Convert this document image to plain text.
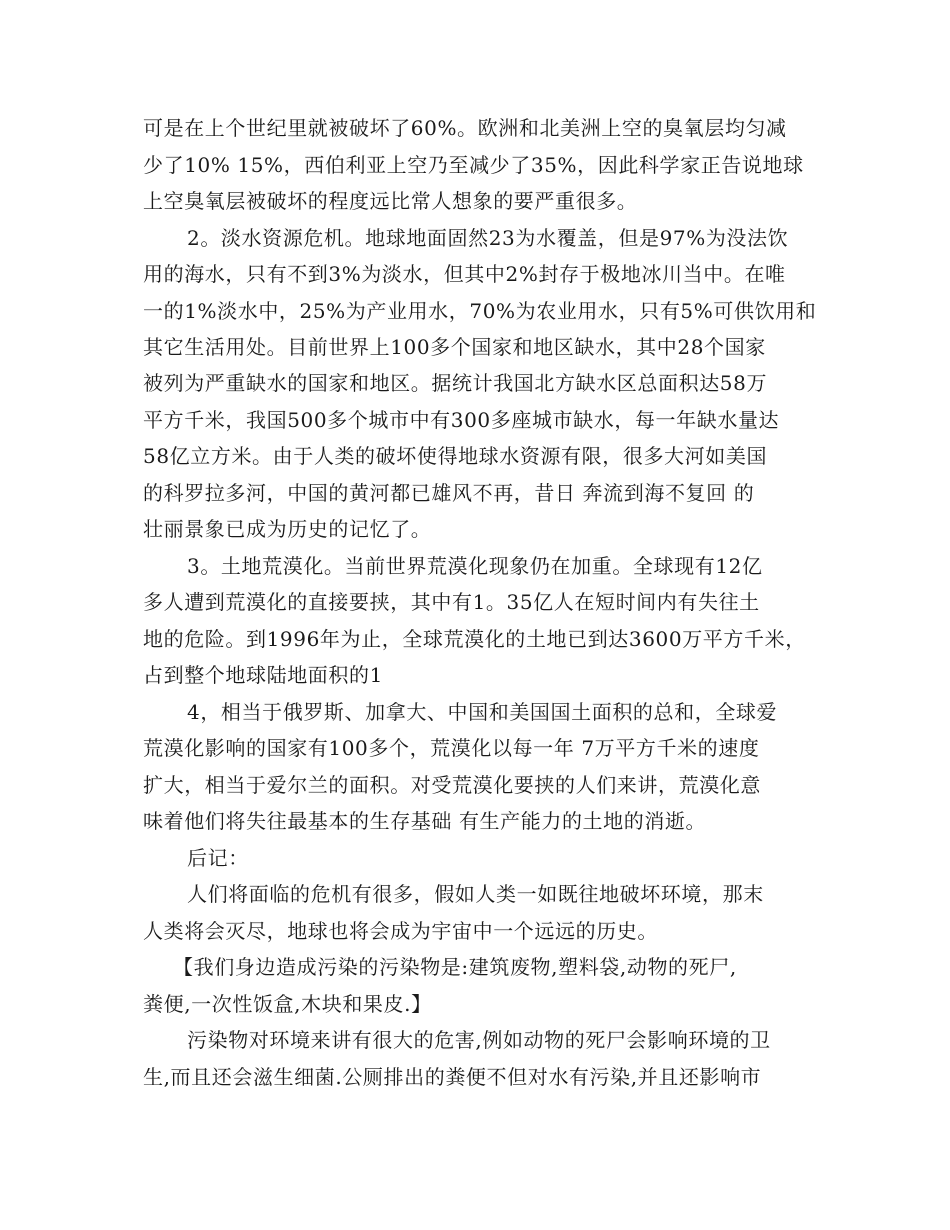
可是在上个世纪里就被破坏了60%。欧洲和北美洲上空的臭氧层均匀减
少了10% 15%，西伯利亚上空乃至减少了35%，因此科学家正告说地球
上空臭氧层被破坏的程度远比常人想象的要严重很多。
2。淡水资源危机。地球地面固然23为水覆盖，但是97%为没法饮
用的海水，只有不到3%为淡水，但其中2%封存于极地冰川当中。在唯
一的1%淡水中，25%为产业用水，70%为农业用水，只有5%可供饮用和
其它生活用处。目前世界上100多个国家和地区缺水，其中28个国家
被列为严重缺水的国家和地区。据统计我国北方缺水区总面积达58万
平方千米，我国500多个城市中有300多座城市缺水，每一年缺水量达
58亿立方米。由于人类的破坏使得地球水资源有限，很多大河如美国
的科罗拉多河，中国的黄河都已雄风不再，昔日 奔流到海不复回 的
壮丽景象已成为历史的记忆了。
3。土地荒漠化。当前世界荒漠化现象仍在加重。全球现有12亿
多人遭到荒漠化的直接要挟，其中有1。35亿人在短时间内有失往土
地的危险。到1996年为止，全球荒漠化的土地已到达3600万平方千米，
占到整个地球陆地面积的1
4，相当于俄罗斯、加拿大、中国和美国国土面积的总和，全球爱
荒漠化影响的国家有100多个，荒漠化以每一年 7万平方千米的速度
扩大，相当于爱尔兰的面积。对受荒漠化要挟的人们来讲，荒漠化意
味着他们将失往最基本的生存基础 有生产能力的土地的消逝。
后记：
人们将面临的危机有很多，假如人类一如既往地破坏环境，那末
人类将会灭尽，地球也将会成为宇宙中一个远远的历史。
【我们身边造成污染的污染物是:建筑废物,塑料袋,动物的死尸,
粪便,一次性饭盒,木块和果皮.】
污染物对环境来讲有很大的危害,例如动物的死尸会影响环境的卫
生,而且还会滋生细菌.公厕排出的粪便不但对水有污染,并且还影响市
